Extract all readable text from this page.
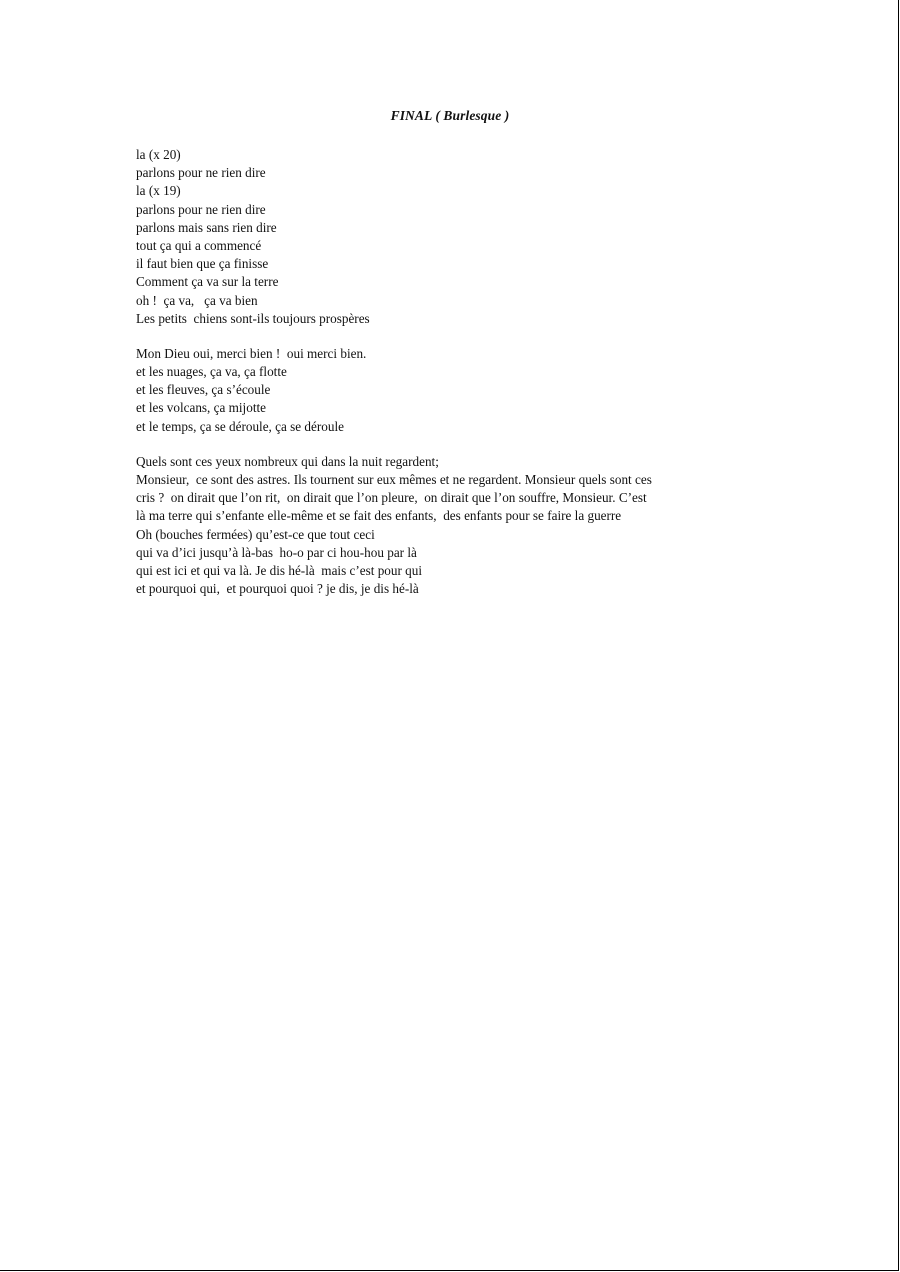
FINAL ( Burlesque )
la (x 20)
parlons pour ne rien dire
la (x 19)
parlons pour ne rien dire
parlons mais sans rien dire
tout ça qui a commencé
il faut bien que ça finisse
Comment ça va sur la terre
oh !  ça va,   ça va bien
Les petits  chiens sont-ils toujours prospères
Mon Dieu oui, merci bien !  oui merci bien.
et les nuages, ça va, ça flotte
et les fleuves, ça s’écoule
et les volcans, ça mijotte
et le temps, ça se déroule, ça se déroule
Quels sont ces yeux nombreux qui dans la nuit regardent;
Monsieur,  ce sont des astres. Ils tournent sur eux mêmes et ne regardent. Monsieur quels sont ces
cris ?  on dirait que l’on rit,  on dirait que l’on pleure,  on dirait que l’on souffre, Monsieur. C’est
là ma terre qui s’enfante elle-même et se fait des enfants,  des enfants pour se faire la guerre
Oh (bouches fermées) qu’est-ce que tout ceci
qui va d’ici jusqu’à là-bas  ho-o par ci hou-hou par là
qui est ici et qui va là. Je dis hé-là  mais c’est pour qui
et pourquoi qui,  et pourquoi quoi ? je dis, je dis hé-là
